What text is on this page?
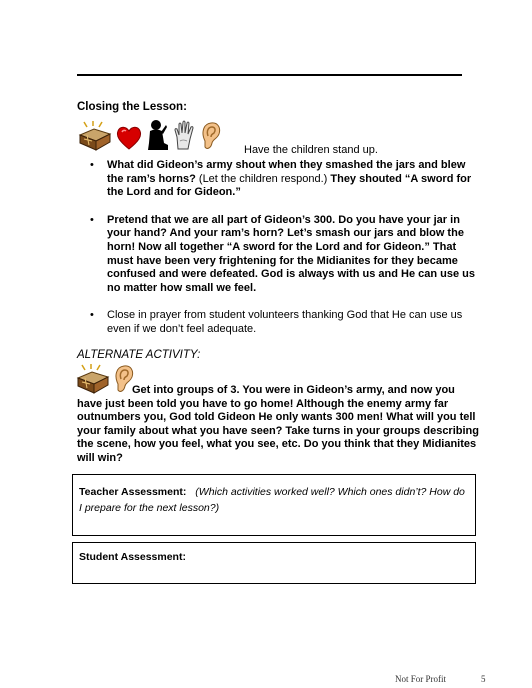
Closing the Lesson:
Have the children stand up.
• What did Gideon’s army shout when they smashed the jars and blew the ram’s horns? (Let the children respond.) They shouted “A sword for the Lord and for Gideon.”
• Pretend that we are all part of Gideon’s 300. Do you have your jar in your hand? And your ram’s horn? Let’s smash our jars and blow the horn! Now all together “A sword for the Lord and for Gideon.” That must have been very frightening for the Midianites for they became confused and were defeated. God is always with us and He can use us no matter how small we feel.
• Close in prayer from student volunteers thanking God that He can use us even if we don’t feel adequate.
ALTERNATE ACTIVITY:
Get into groups of 3. You were in Gideon’s army, and now you have just been told you have to go home! Although the enemy army far outnumbers you, God told Gideon He only wants 300 men! What will you tell your family about what you have seen? Take turns in your groups describing the scene, how you feel, what you see, etc. Do you think that they Midianites will win?
Teacher Assessment: (Which activities worked well? Which ones didn’t? How do I prepare for the next lesson?)
Student Assessment:
Not For Profit	5
